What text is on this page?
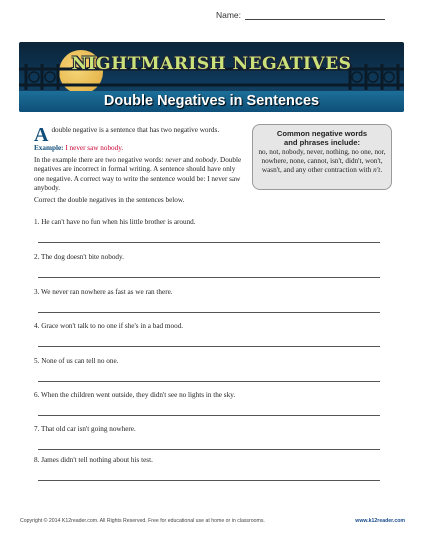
Name:
NIGHTMARISH NEGATIVES
Double Negatives in Sentences

A double negative is a sentence that has two negative words.

Example: I never saw nobody.

In the example there are two negative words: never and nobody. Double negatives are incorrect in formal writing. A sentence should have only one negative. A correct way to write the sentence would be: I never saw anybody.

Correct the double negatives in the sentences below.

Common negative words
and phrases include:
no, not, nobody, never, nothing, no one, nor, nowhere, none, cannot, isn't, didn't, won't, wasn't, and any other contraction with n't.
1. He can't have no fun when his little brother is around.
2. The dog doesn't bite nobody.
3. We never ran nowhere as fast as we ran there.
4. Grace won't talk to no one if she's in a bad mood.
5. None of us can tell no one.
6. When the children went outside, they didn't see no lights in the sky.
7. That old car isn't going nowhere.
8. James didn't tell nothing about his test.
Copyright © 2014 K12reader.com. All Rights Reserved. Free for educational use at home or in classrooms.	www.k12reader.com
